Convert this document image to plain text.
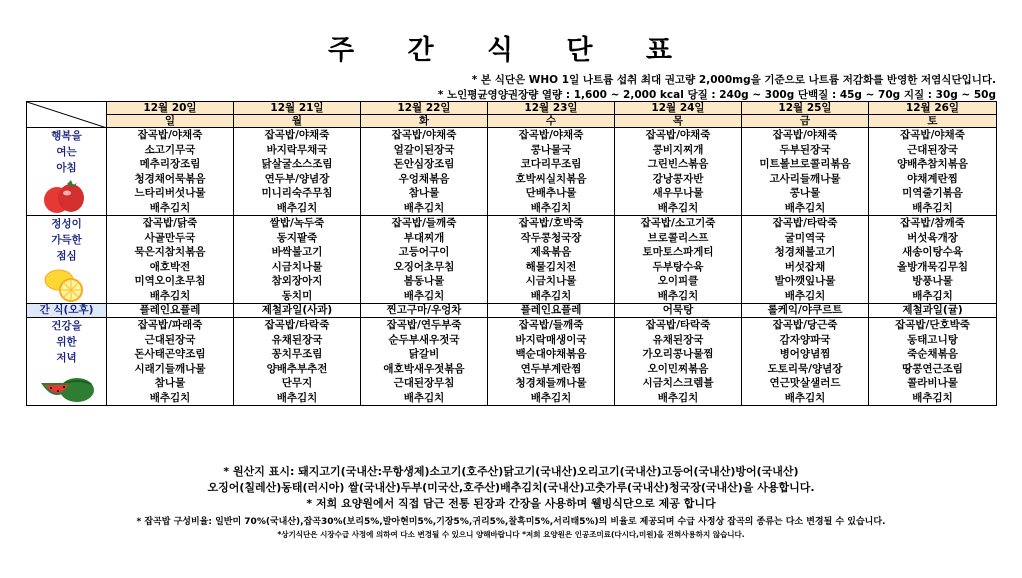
주 간 식 단 표
* 본 식단은 WHO 1일 나트륨 섭취 최대 권고량 2,000mg을 기준으로 나트륨 저감화를 반영한 저염식단입니다.
* 노인평균영양권장량 열량 : 1,600 ~ 2,000 kcal 당질 : 240g ~ 300g 단백질 : 45g ~ 70g 지질 : 30g ~ 50g
	12월 20일	12월 21일	12월 22일	12월 23일	12월 24일	12월 25일	12월 26일
	일	월	화	수	목	금	토

행복을
여는
아침	잡곡밥/야채죽	잡곡밥/야채죽	잡곡밥/야채죽	잡곡밥/야채죽	잡곡밥/야채죽	잡곡밥/야채죽	잡곡밥/야채죽
	소고기무국	바지락무채국	얼갈이된장국	콩나물국	콩비지찌개	두부된장국	근대된장국
	메추리장조림	닭살굴소스조림	돈안심장조림	코다리무조림	그린빈스볶음	미트볼브로콜리볶음	양배추참치볶음
	청경채어묵볶음	연두부/양념장	우엉채볶음	호박씨실치볶음	강낭콩자반	고사리들깨나물	야채계란찜
	느타리버섯나물	미니리숙주무침	참나물	단배추나물	새우무나물	콩나물	미역줄기볶음
	배추김치	배추김치	배추김치	배추김치	배추김치	배추김치	배추김치

정성이
가득한
점심	잡곡밥/닭죽	쌀밥/녹두죽	잡곡밥/들깨죽	잡곡밥/호박죽	잡곡밥/소고기죽	잡곡밥/타락죽	잡곡밥/참깨죽
	사골만두국	동지팥죽	부대찌개	작두콩청국장	브로콜리스프	굴미역국	버섯육개장
	묵은지참치볶음	바싹불고기	고등어구이	제육볶음	토마토스파게티	청경채불고기	새송이탕수육
	애호박전	시금치나물	오징어초무침	해물김치전	두부탕수육	버섯잡채	올방개묵김무침
	미역오이초무침	참외장아지	봄동나물	시금치나물	오이피클	발아깻잎나물	방풍나물
	배추김치	동치미	배추김치	배추김치	배추김치	배추김치	배추김치
간 식(오후)	플레인요플레	제철과일(사과)	찐고구마/우엉차	플레인요플레	어묵탕	롤케익/야쿠르트	제철과일(귤)

건강을
위한
저녁	잡곡밥/파래죽	잡곡밥/타락죽	잡곡밥/연두부죽	잡곡밥/들깨죽	잡곡밥/타락죽	잡곡밥/당근죽	잡곡밥/단호박죽
	근대된장국	유채된장국	순두부새우젓국	바지락매생이국	유채된장국	감자양파국	동태고니탕
	돈사태곤약조림	꽁치무조림	닭갈비	백순대야채볶음	가오리콩나물찜	병어양념찜	죽순채볶음
	시래기들깨나물	양배추부추전	애호박새우젓볶음	연두부계란찜	오이민찌볶음	도토리묵/양념장	땅콩연근조림
	참나물	단무지	근대된장무침	청경채들깨나물	시금치스크렘블	연근맛살샐러드	콜라비나물
	배추김치	배추김치	배추김치	배추김치	배추김치	배추김치	배추김치
* 원산지 표시: 돼지고기(국내산:무항생제)소고기(호주산)닭고기(국내산)오리고기(국내산)고등어(국내산)방어(국내산)
오징어(칠레산)동태(러시아) 쌀(국내산)두부(미국산,호주산)배추김치(국내산)고춧가루(국내산)청국장(국내산)을 사용합니다.
* 저희 요양원에서 직접 담근 전통 된장과 간장을 사용하며 웰빙식단으로 제공 합니다
* 잡곡밥 구성비율: 일반미 70%(국내산),잡곡30%(보리5%,발아현미5%,기장5%,귀리5%,찰흑미5%,서리태5%)의 비율로 제공되며 수급 사정상 잡곡의 종류는 다소 변경될 수 있습니다.
*상기식단은 시장수급 사정에 의하여 다소 변경될 수 있으니 양해바랍니다 *저희 요양원은 인공조미료(다시다,미원)을 전혀사용하지 않습니다.
